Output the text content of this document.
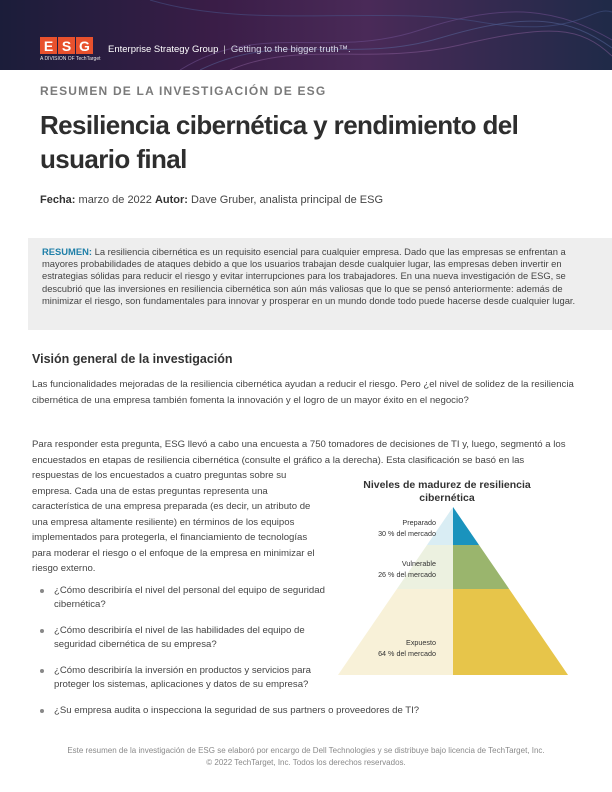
E S G
A DIVISION OF TechTarget
Enterprise Strategy Group | Getting to the bigger truth™.
RESUMEN DE LA INVESTIGACIÓN DE ESG
Resiliencia cibernética y rendimiento del usuario final
Fecha: marzo de 2022 Autor: Dave Gruber, analista principal de ESG
RESUMEN: La resiliencia cibernética es un requisito esencial para cualquier empresa. Dado que las empresas se enfrentan a mayores probabilidades de ataques debido a que los usuarios trabajan desde cualquier lugar, las empresas deben invertir en estrategias sólidas para reducir el riesgo y evitar interrupciones para los trabajadores. En una nueva investigación de ESG, se descubrió que las inversiones en resiliencia cibernética son aún más valiosas que lo que se pensó anteriormente: además de minimizar el riesgo, son fundamentales para innovar y prosperar en un mundo donde todo puede hacerse desde cualquier lugar.
Visión general de la investigación

Las funcionalidades mejoradas de la resiliencia cibernética ayudan a reducir el riesgo. Pero ¿el nivel de solidez de la resiliencia cibernética de una empresa también fomenta la innovación y el logro de un mayor éxito en el negocio?

Para responder esta pregunta, ESG llevó a cabo una encuesta a 750 tomadores de decisiones de TI y, luego, segmentó a los encuestados en etapas de resiliencia cibernética (consulte el gráfico a la derecha). Esta clasificación se basó en las

respuestas de los encuestados a cuatro preguntas sobre su empresa. Cada una de estas preguntas representa una característica de una empresa preparada (es decir, un atributo de una empresa altamente resiliente) en términos de los equipos implementados para protegerla, el financiamiento de tecnologías para moderar el riesgo o el enfoque de la empresa en minimizar el riesgo externo.

¿Cómo describiría el nivel del personal del equipo de seguridad cibernética?
¿Cómo describiría el nivel de las habilidades del equipo de seguridad cibernética de su empresa?
¿Cómo describiría la inversión en productos y servicios para proteger los sistemas, aplicaciones y datos de su empresa?
¿Su empresa audita o inspecciona la seguridad de sus partners o proveedores de TI?
Niveles de madurez de resiliencia cibernética
Preparado
30 % del mercado
Vulnerable
26 % del mercado
Expuesto
64 % del mercado
Este resumen de la investigación de ESG se elaboró por encargo de Dell Technologies y se distribuye bajo licencia de TechTarget, Inc.
© 2022 TechTarget, Inc. Todos los derechos reservados.
